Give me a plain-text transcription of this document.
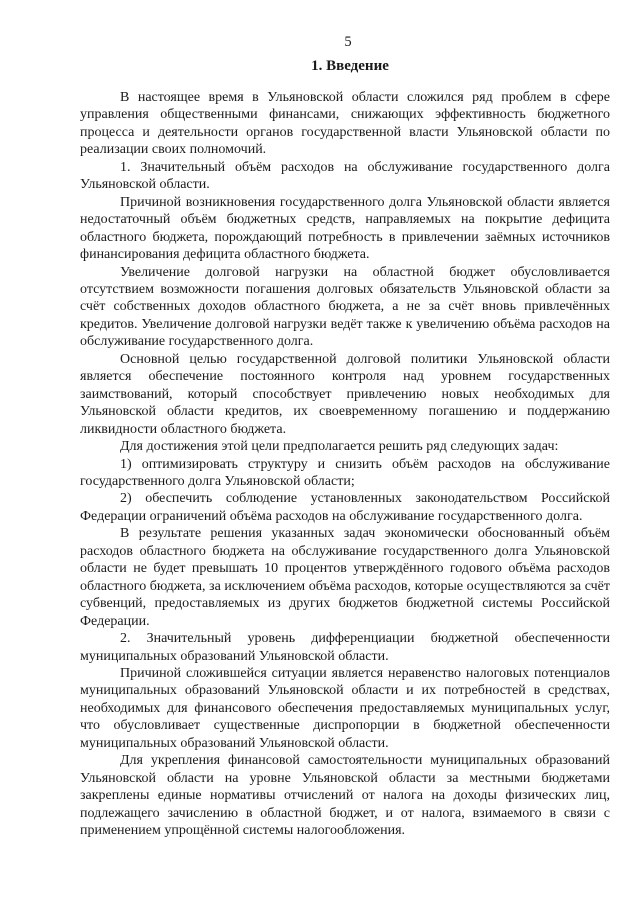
5
1. Введение

В настоящее время в Ульяновской области сложился ряд проблем в сфере управления общественными финансами, снижающих эффективность бюджетного процесса и деятельности органов государственной власти Ульяновской области по реализации своих полномочий.

1. Значительный объём расходов на обслуживание государственного долга Ульяновской области.

Причиной возникновения государственного долга Ульяновской области является недостаточный объём бюджетных средств, направляемых на покрытие дефицита областного бюджета, порождающий потребность в привлечении заёмных источников финансирования дефицита областного бюджета.

Увеличение долговой нагрузки на областной бюджет обусловливается отсутствием возможности погашения долговых обязательств Ульяновской области за счёт собственных доходов областного бюджета, а не за счёт вновь привлечённых кредитов. Увеличение долговой нагрузки ведёт также к увеличению объёма расходов на обслуживание государственного долга.

Основной целью государственной долговой политики Ульяновской области является обеспечение постоянного контроля над уровнем государственных заимствований, который способствует привлечению новых необходимых для Ульяновской области кредитов, их своевременному погашению и поддержанию ликвидности областного бюджета.

Для достижения этой цели предполагается решить ряд следующих задач:

1) оптимизировать структуру и снизить объём расходов на обслуживание государственного долга Ульяновской области;

2) обеспечить соблюдение установленных законодательством Российской Федерации ограничений объёма расходов на обслуживание государственного долга.

В результате решения указанных задач экономически обоснованный объём расходов областного бюджета на обслуживание государственного долга Ульяновской области не будет превышать 10 процентов утверждённого годового объёма расходов областного бюджета, за исключением объёма расходов, которые осуществляются за счёт субвенций, предоставляемых из других бюджетов бюджетной системы Российской Федерации.

2. Значительный уровень дифференциации бюджетной обеспеченности муниципальных образований Ульяновской области.

Причиной сложившейся ситуации является неравенство налоговых потенциалов муниципальных образований Ульяновской области и их потребностей в средствах, необходимых для финансового обеспечения предоставляемых муниципальных услуг, что обусловливает существенные диспропорции в бюджетной обеспеченности муниципальных образований Ульяновской области.

Для укрепления финансовой самостоятельности муниципальных образований Ульяновской области на уровне Ульяновской области за местными бюджетами закреплены единые нормативы отчислений от налога на доходы физических лиц, подлежащего зачислению в областной бюджет, и от налога, взимаемого в связи с применением упрощённой системы налогообложения.
